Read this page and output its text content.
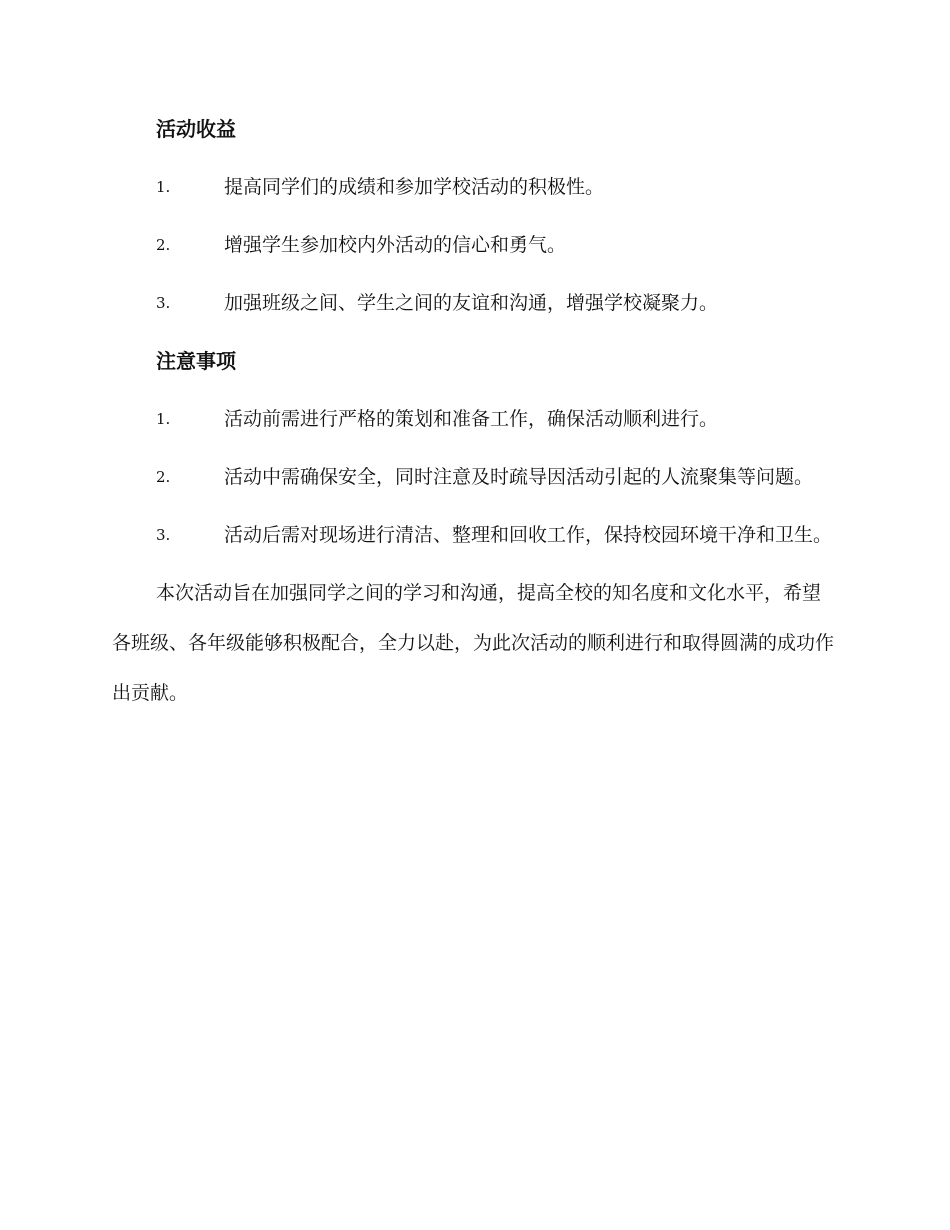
活动收益
1.	提高同学们的成绩和参加学校活动的积极性。
2.	增强学生参加校内外活动的信心和勇气。
3.	加强班级之间、学生之间的友谊和沟通，增强学校凝聚力。
注意事项
1.	活动前需进行严格的策划和准备工作，确保活动顺利进行。
2.	活动中需确保安全，同时注意及时疏导因活动引起的人流聚集等问题。
3.	活动后需对现场进行清洁、整理和回收工作，保持校园环境干净和卫生。

本次活动旨在加强同学之间的学习和沟通，提高全校的知名度和文化水平，希望各班级、各年级能够积极配合，全力以赴，为此次活动的顺利进行和取得圆满的成功作出贡献。
